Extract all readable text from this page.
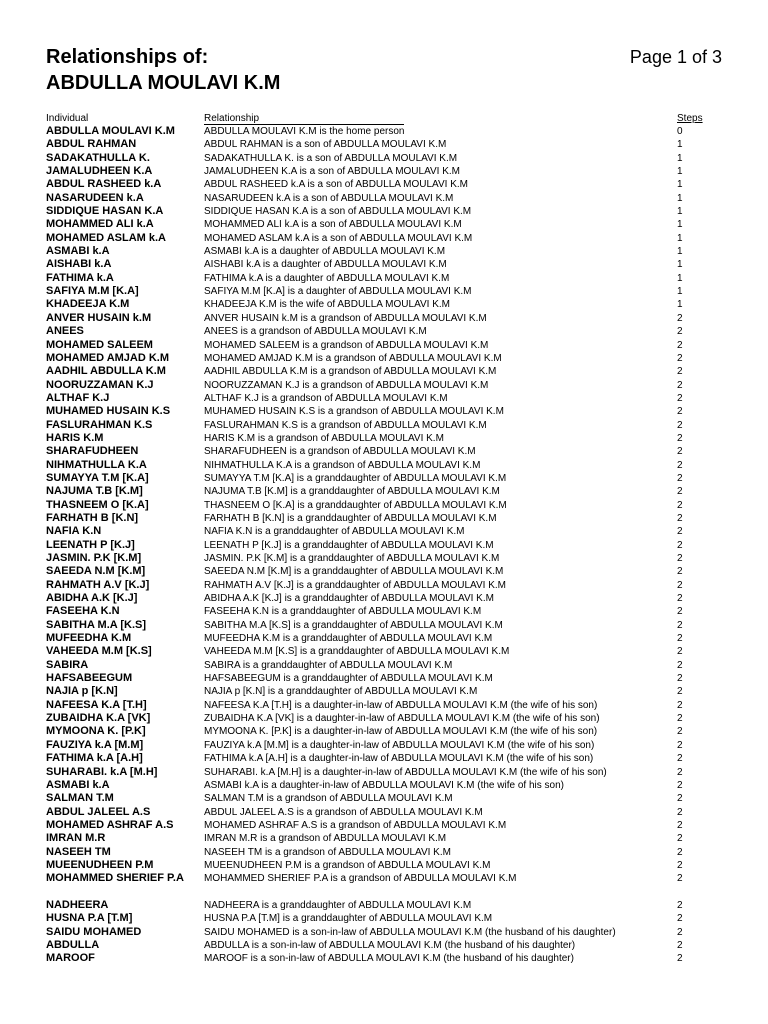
Relationships of:
ABDULLA MOULAVI K.M
Page 1 of 3
Individual	Relationship	Steps
ABDULLA MOULAVI K.M	ABDULLA MOULAVI K.M is the home person	0
ABDUL RAHMAN	ABDUL RAHMAN is a son of ABDULLA MOULAVI K.M	1
SADAKATHULLA K.	SADAKATHULLA K. is a son of ABDULLA MOULAVI K.M	1
JAMALUDHEEN K.A	JAMALUDHEEN K.A is a son of ABDULLA MOULAVI K.M	1
ABDUL RASHEED k.A	ABDUL RASHEED k.A is a son of ABDULLA MOULAVI K.M	1
NASARUDEEN k.A	NASARUDEEN k.A is a son of ABDULLA MOULAVI K.M	1
SIDDIQUE HASAN K.A	SIDDIQUE HASAN K.A is a son of ABDULLA MOULAVI K.M	1
MOHAMMED ALI k.A	MOHAMMED ALI k.A is a son of ABDULLA MOULAVI K.M	1
MOHAMED ASLAM k.A	MOHAMED ASLAM k.A is a son of ABDULLA MOULAVI K.M	1
ASMABI k.A	ASMABI k.A is a daughter of ABDULLA MOULAVI K.M	1
AISHABI k.A	AISHABI k.A is a daughter of ABDULLA MOULAVI K.M	1
FATHIMA k.A	FATHIMA k.A is a daughter of ABDULLA MOULAVI K.M	1
SAFIYA M.M [K.A]	SAFIYA M.M [K.A] is a daughter of ABDULLA MOULAVI K.M	1
KHADEEJA K.M	KHADEEJA K.M is the wife of ABDULLA MOULAVI K.M	1
ANVER HUSAIN k.M	ANVER HUSAIN k.M is a grandson of ABDULLA MOULAVI K.M	2
ANEES	ANEES is a grandson of ABDULLA MOULAVI K.M	2
MOHAMED SALEEM	MOHAMED SALEEM is a grandson of ABDULLA MOULAVI K.M	2
MOHAMED AMJAD K.M	MOHAMED AMJAD K.M is a grandson of ABDULLA MOULAVI K.M	2
AADHIL ABDULLA K.M	AADHIL ABDULLA K.M is a grandson of ABDULLA MOULAVI K.M	2
NOORUZZAMAN K.J	NOORUZZAMAN K.J is a grandson of ABDULLA MOULAVI K.M	2
ALTHAF K.J	ALTHAF K.J is a grandson of ABDULLA MOULAVI K.M	2
MUHAMED HUSAIN K.S	MUHAMED HUSAIN K.S is a grandson of ABDULLA MOULAVI K.M	2
FASLURAHMAN K.S	FASLURAHMAN K.S is a grandson of ABDULLA MOULAVI K.M	2
HARIS K.M	HARIS K.M is a grandson of ABDULLA MOULAVI K.M	2
SHARAFUDHEEN	SHARAFUDHEEN is a grandson of ABDULLA MOULAVI K.M	2
NIHMATHULLA K.A	NIHMATHULLA K.A is a grandson of ABDULLA MOULAVI K.M	2
SUMAYYA T.M [K.A]	SUMAYYA T.M [K.A] is a granddaughter of ABDULLA MOULAVI K.M	2
NAJUMA T.B [K.M]	NAJUMA T.B [K.M] is a granddaughter of ABDULLA MOULAVI K.M	2
THASNEEM O [K.A]	THASNEEM O [K.A] is a granddaughter of ABDULLA MOULAVI K.M	2
FARHATH B [K.N]	FARHATH B [K.N] is a granddaughter of ABDULLA MOULAVI K.M	2
NAFIA K.N	NAFIA K.N is a granddaughter of ABDULLA MOULAVI K.M	2
LEENATH P [K.J]	LEENATH P [K.J] is a granddaughter of ABDULLA MOULAVI K.M	2
JASMIN. P.K [K.M]	JASMIN. P.K [K.M] is a granddaughter of ABDULLA MOULAVI K.M	2
SAEEDA N.M [K.M]	SAEEDA N.M [K.M] is a granddaughter of ABDULLA MOULAVI K.M	2
RAHMATH A.V [K.J]	RAHMATH A.V [K.J] is a granddaughter of ABDULLA MOULAVI K.M	2
ABIDHA A.K [K.J]	ABIDHA A.K [K.J] is a granddaughter of ABDULLA MOULAVI K.M	2
FASEEHA K.N	FASEEHA K.N is a granddaughter of ABDULLA MOULAVI K.M	2
SABITHA M.A [K.S]	SABITHA M.A [K.S] is a granddaughter of ABDULLA MOULAVI K.M	2
MUFEEDHA K.M	MUFEEDHA K.M is a granddaughter of ABDULLA MOULAVI K.M	2
VAHEEDA M.M [K.S]	VAHEEDA M.M [K.S] is a granddaughter of ABDULLA MOULAVI K.M	2
SABIRA	SABIRA is a granddaughter of ABDULLA MOULAVI K.M	2
HAFSABEEGUM	HAFSABEEGUM is a granddaughter of ABDULLA MOULAVI K.M	2
NAJIA p [K.N]	NAJIA p [K.N] is a granddaughter of ABDULLA MOULAVI K.M	2
NAFEESA K.A [T.H]	NAFEESA K.A [T.H] is a daughter-in-law of ABDULLA MOULAVI K.M (the wife of his son)	2
ZUBAIDHA K.A [VK]	ZUBAIDHA K.A [VK] is a daughter-in-law of ABDULLA MOULAVI K.M (the wife of his son)	2
MYMOONA K. [P.K]	MYMOONA K. [P.K] is a daughter-in-law of ABDULLA MOULAVI K.M (the wife of his son)	2
FAUZIYA k.A [M.M]	FAUZIYA k.A [M.M] is a daughter-in-law of ABDULLA MOULAVI K.M (the wife of his son)	2
FATHIMA k.A [A.H]	FATHIMA k.A [A.H] is a daughter-in-law of ABDULLA MOULAVI K.M (the wife of his son)	2
SUHARABI. k.A [M.H]	SUHARABI. k.A [M.H] is a daughter-in-law of ABDULLA MOULAVI K.M (the wife of his son)	2
ASMABI k.A	ASMABI k.A is a daughter-in-law of ABDULLA MOULAVI K.M (the wife of his son)	2
SALMAN T.M	SALMAN T.M is a grandson of ABDULLA MOULAVI K.M	2
ABDUL JALEEL A.S	ABDUL JALEEL A.S is a grandson of ABDULLA MOULAVI K.M	2
MOHAMED ASHRAF A.S	MOHAMED ASHRAF A.S is a grandson of ABDULLA MOULAVI K.M	2
IMRAN M.R	IMRAN M.R is a grandson of ABDULLA MOULAVI K.M	2
NASEEH TM	NASEEH TM is a grandson of ABDULLA MOULAVI K.M	2
MUEENUDHEEN P.M	MUEENUDHEEN P.M is a grandson of ABDULLA MOULAVI K.M	2
MOHAMMED SHERIEF P.A	MOHAMMED SHERIEF P.A is a grandson of ABDULLA MOULAVI K.M	2
NADHEERA	NADHEERA is a granddaughter of ABDULLA MOULAVI K.M	2
HUSNA P.A [T.M]	HUSNA P.A [T.M] is a granddaughter of ABDULLA MOULAVI K.M	2
SAIDU MOHAMED	SAIDU MOHAMED is a son-in-law of ABDULLA MOULAVI K.M (the husband of his daughter)	2
ABDULLA	ABDULLA is a son-in-law of ABDULLA MOULAVI K.M (the husband of his daughter)	2
MAROOF	MAROOF is a son-in-law of ABDULLA MOULAVI K.M (the husband of his daughter)	2
